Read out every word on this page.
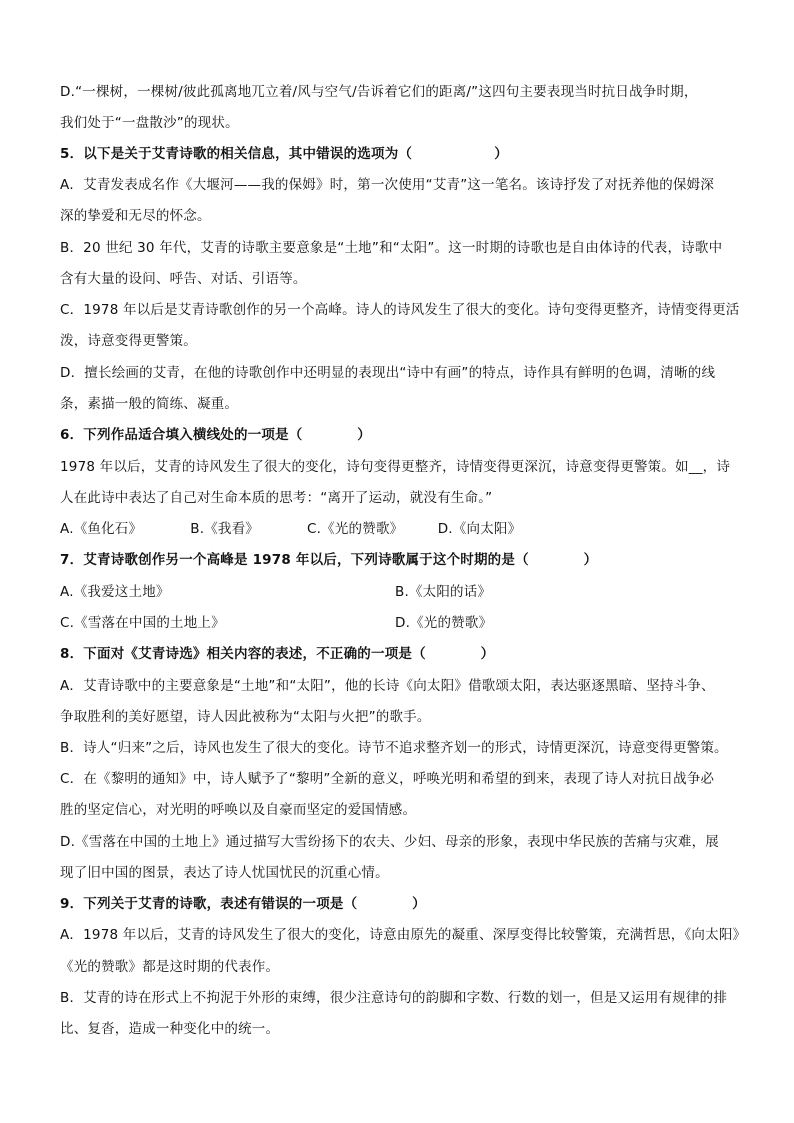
D.“一棵树，一棵树/彼此孤离地兀立着/风与空气/告诉着它们的距离/”这四句主要表现当时抗日战争时期，
我们处于“一盘散沙”的现状。
5．以下是关于艾青诗歌的相关信息，其中错误的选项为（　　　　　　）
A．艾青发表成名作《大堰河——我的保姆》时，第一次使用“艾青”这一笔名。该诗抒发了对抚养他的保姆深
深的挚爱和无尽的怀念。
B．20 世纪 30 年代，艾青的诗歌主要意象是“土地”和“太阳”。这一时期的诗歌也是自由体诗的代表，诗歌中
含有大量的设问、呼告、对话、引语等。
C．1978 年以后是艾青诗歌创作的另一个高峰。诗人的诗风发生了很大的变化。诗句变得更整齐，诗情变得更活
泼，诗意变得更警策。
D．擅长绘画的艾青，在他的诗歌创作中还明显的表现出“诗中有画”的特点，诗作具有鲜明的色调，清晰的线
条，素描一般的简练、凝重。
6．下列作品适合填入横线处的一项是（　　　　）
1978 年以后，艾青的诗风发生了很大的变化，诗句变得更整齐，诗情变得更深沉，诗意变得更警策。如__，诗
人在此诗中表达了自己对生命本质的思考：“离开了运动，就没有生命。”
A.《鱼化石》　　　　B.《我看》　　　　C.《光的赞歌》　　　D.《向太阳》
7．艾青诗歌创作另一个高峰是 1978 年以后，下列诗歌属于这个时期的是（　　　　）
A.《我爱这土地》	B.《太阳的话》
C.《雪落在中国的土地上》	D.《光的赞歌》
8．下面对《艾青诗选》相关内容的表述，不正确的一项是（　　　　）
A．艾青诗歌中的主要意象是“土地”和“太阳”，他的长诗《向太阳》借歌颂太阳，表达驱逐黑暗、坚持斗争、
争取胜利的美好愿望，诗人因此被称为“太阳与火把”的歌手。
B．诗人“归来”之后，诗风也发生了很大的变化。诗节不追求整齐划一的形式，诗情更深沉，诗意变得更警策。
C．在《黎明的通知》中，诗人赋予了“黎明”全新的意义，呼唤光明和希望的到来，表现了诗人对抗日战争必
胜的坚定信心，对光明的呼唤以及自豪而坚定的爱国情感。
D.《雪落在中国的土地上》通过描写大雪纷扬下的农夫、少妇、母亲的形象，表现中华民族的苦痛与灾难，展
现了旧中国的图景，表达了诗人忧国忧民的沉重心情。
9．下列关于艾青的诗歌，表述有错误的一项是（　　　　）
A．1978 年以后，艾青的诗风发生了很大的变化，诗意由原先的凝重、深厚变得比较警策，充满哲思，《向太阳》
《光的赞歌》都是这时期的代表作。
B．艾青的诗在形式上不拘泥于外形的束缚，很少注意诗句的韵脚和字数、行数的划一，但是又运用有规律的排
比、复沓，造成一种变化中的统一。
